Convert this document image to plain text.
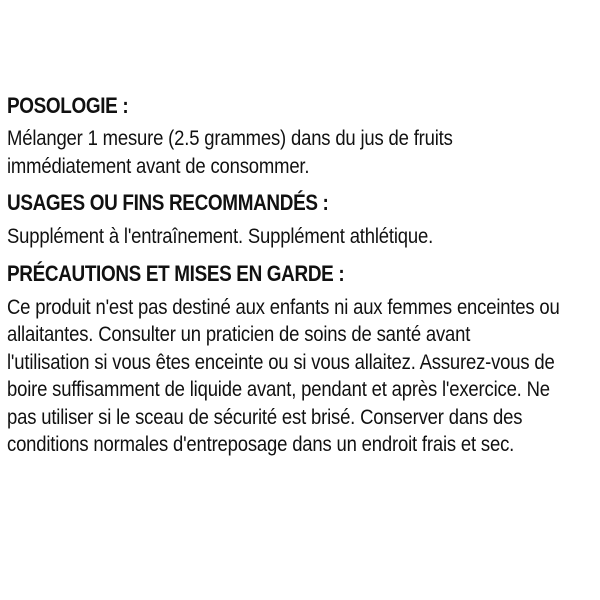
POSOLOGIE :

Mélanger 1 mesure (2.5 grammes) dans du jus de fruits

immédiatement avant de consommer.

USAGES OU FINS RECOMMANDÉS :

Supplément à l'entraînement. Supplément athlétique.

PRÉCAUTIONS ET MISES EN GARDE :

Ce produit n'est pas destiné aux enfants ni aux femmes enceintes ou

allaitantes. Consulter un praticien de soins de santé avant

l'utilisation si vous êtes enceinte ou si vous allaitez. Assurez-vous de

boire suffisamment de liquide avant, pendant et après l'exercice. Ne

pas utiliser si le sceau de sécurité est brisé. Conserver dans des

conditions normales d'entreposage dans un endroit frais et sec.
